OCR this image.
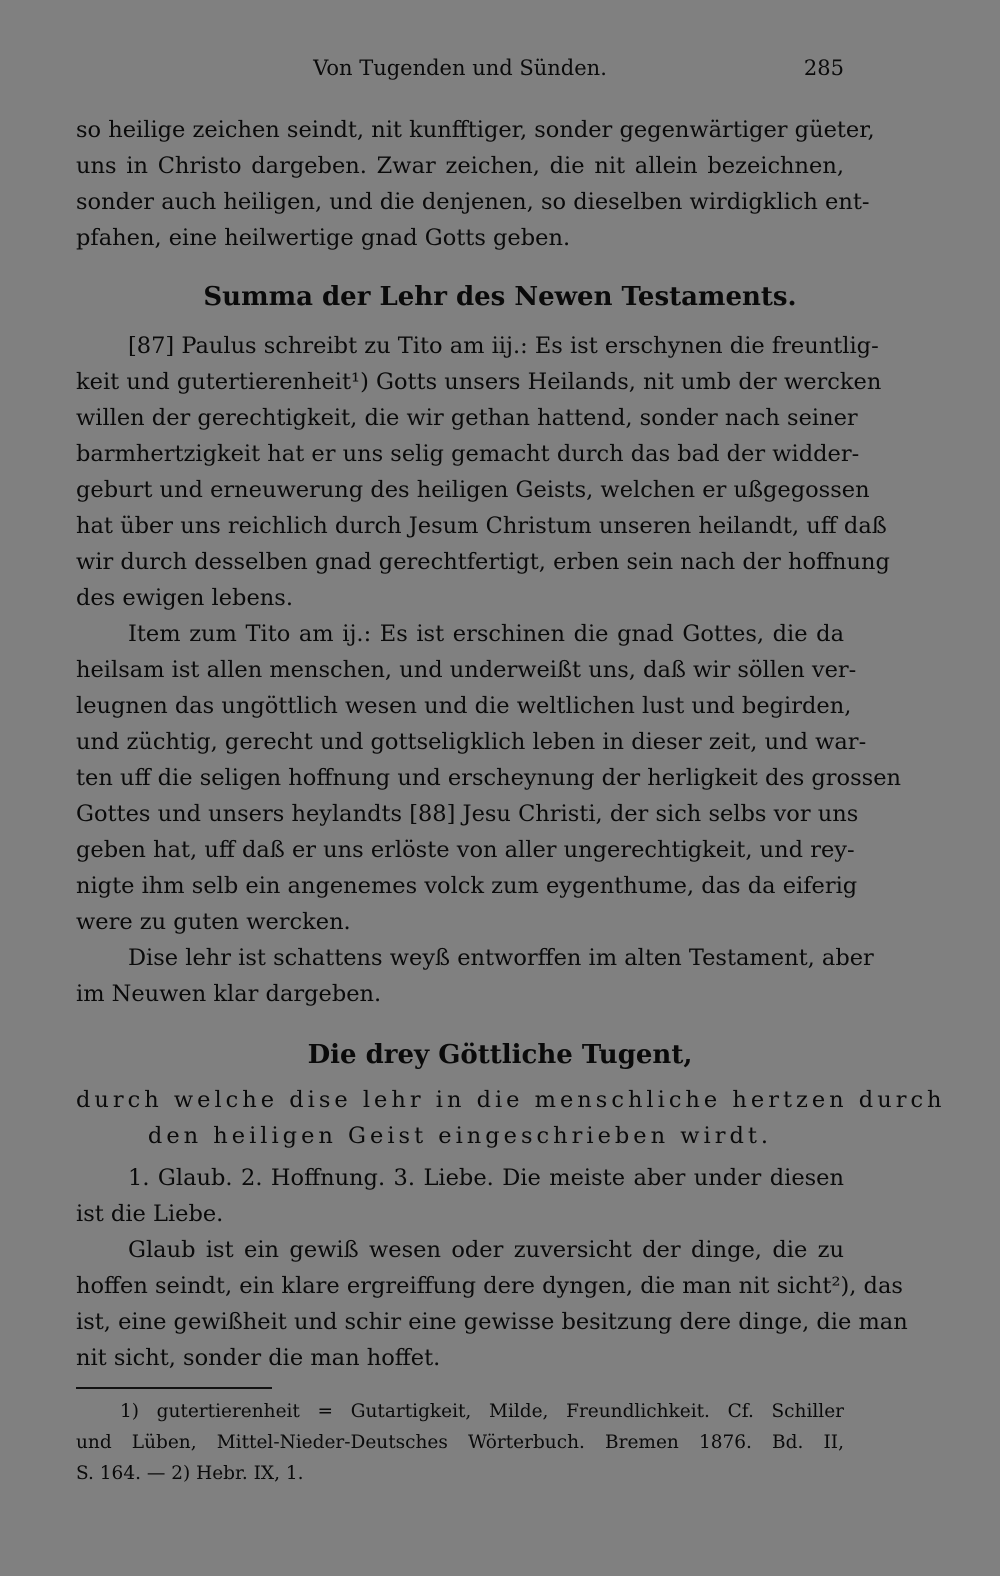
Von Tugenden und Sünden.	285
so heilige zeichen seindt, nit kunfftiger, sonder gegenwärtiger güeter,
uns in Christo dargeben. Zwar zeichen, die nit allein bezeichnen,
sonder auch heiligen, und die denjenen, so dieselben wirdigklich ent-
pfahen, eine heilwertige gnad Gotts geben.
Summa der Lehr des Newen Testaments.
[87] Paulus schreibt zu Tito am iij.: Es ist erschynen die freuntlig-
keit und gutertierenheit¹) Gotts unsers Heilands, nit umb der wercken
willen der gerechtigkeit, die wir gethan hattend, sonder nach seiner
barmhertzigkeit hat er uns selig gemacht durch das bad der widder-
geburt und erneuwerung des heiligen Geists, welchen er ußgegossen
hat über uns reichlich durch Jesum Christum unseren heilandt, uff daß
wir durch desselben gnad gerechtfertigt, erben sein nach der hoffnung
des ewigen lebens.
Item zum Tito am ij.: Es ist erschinen die gnad Gottes, die da
heilsam ist allen menschen, und underweißt uns, daß wir söllen ver-
leugnen das ungöttlich wesen und die weltlichen lust und begirden,
und züchtig, gerecht und gottseligklich leben in dieser zeit, und war-
ten uff die seligen hoffnung und erscheynung der herligkeit des grossen
Gottes und unsers heylandts [88] Jesu Christi, der sich selbs vor uns
geben hat, uff daß er uns erlöste von aller ungerechtigkeit, und rey-
nigte ihm selb ein angenemes volck zum eygenthume, das da eiferig
were zu guten wercken.
Dise lehr ist schattens weyß entworffen im alten Testament, aber
im Neuwen klar dargeben.
Die drey Göttliche Tugent,
durch welche dise lehr in die menschliche hertzen durch
den heiligen Geist eingeschrieben wirdt.
1. Glaub. 2. Hoffnung. 3. Liebe. Die meiste aber under diesen
ist die Liebe.
Glaub ist ein gewiß wesen oder zuversicht der dinge, die zu
hoffen seindt, ein klare ergreiffung dere dyngen, die man nit sicht²), das
ist, eine gewißheit und schir eine gewisse besitzung dere dinge, die man
nit sicht, sonder die man hoffet.
1) gutertierenheit = Gutartigkeit, Milde, Freundlichkeit. Cf. Schiller
und Lüben, Mittel-Nieder-Deutsches Wörterbuch. Bremen 1876. Bd. II,
S. 164. — 2) Hebr. IX, 1.
